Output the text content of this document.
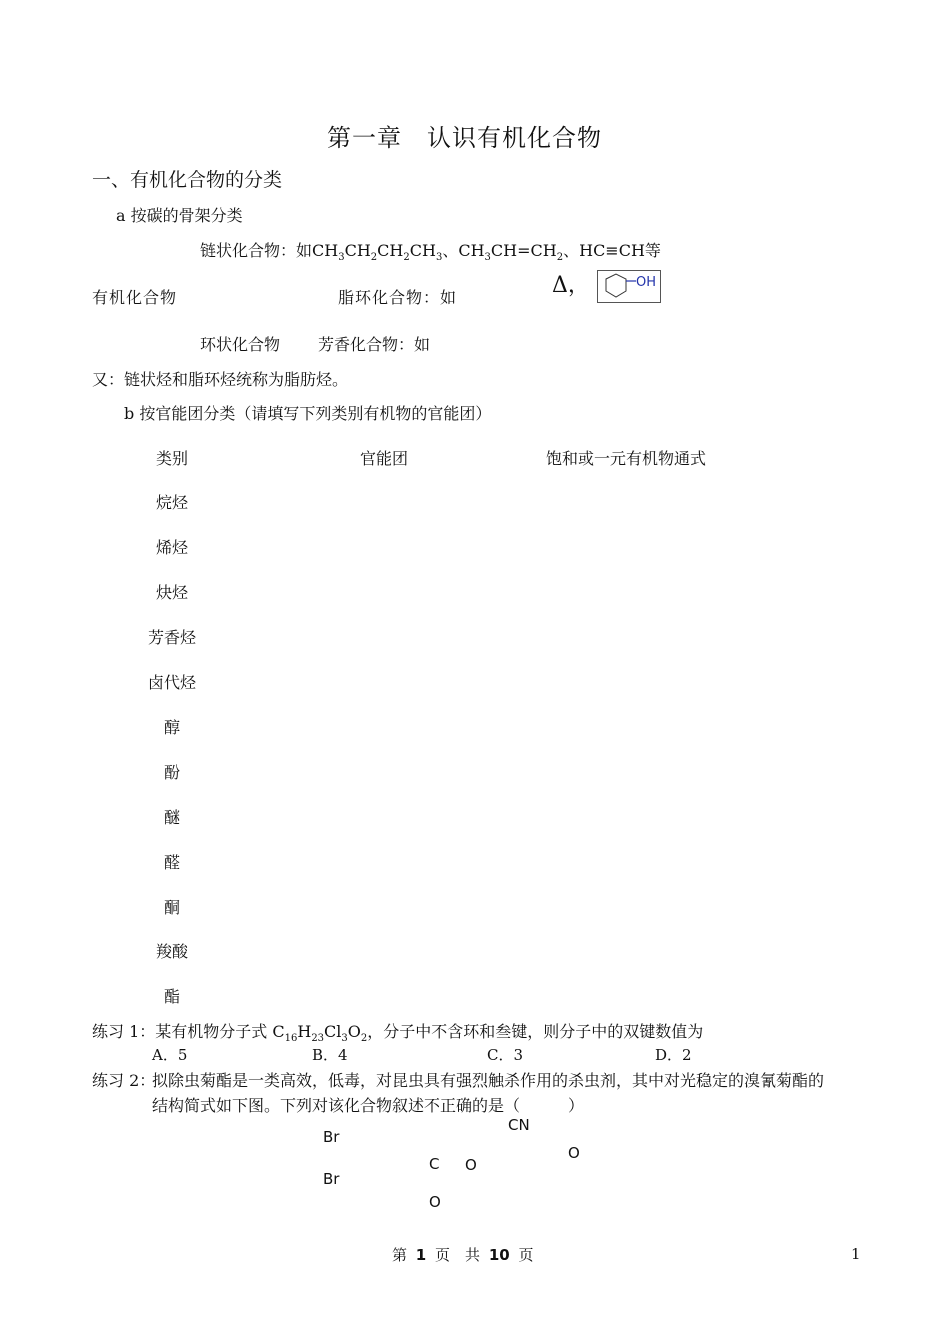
第一章　认识有机化合物
一、有机化合物的分类
a 按碳的骨架分类
链状化合物：如$CH_3CH_2CH_2CH_3$、$CH_3CH=CH_2$、HC≡CH等
有机化合物	脂环化合物：如	Δ，	OH
环状化合物 芳香化合物：如
又：链状烃和脂环烃统称为脂肪烃。
b 按官能团分类（请填写下列类别有机物的官能团）
类别	官能团	饱和或一元有机物通式
烷烃
烯烃
炔烃
芳香烃
卤代烃
醇
酚
醚
醛
酮
羧酸
酯
练习 1：某有机物分子式 $C_{16}H_{23}Cl_3O_2$，分子中不含环和叁键，则分子中的双键数值为
A．5	B．4	C．3	D．2
练习 2：
拟除虫菊酯是一类高效，低毒，对昆虫具有强烈触杀作用的杀虫剂，其中对光稳定的溴氰菊酯的
结构简式如下图。下列对该化合物叙述不正确的是（　　　）
Br
Br
CN
C O
O
O
第 1 页　共 10 页	1
